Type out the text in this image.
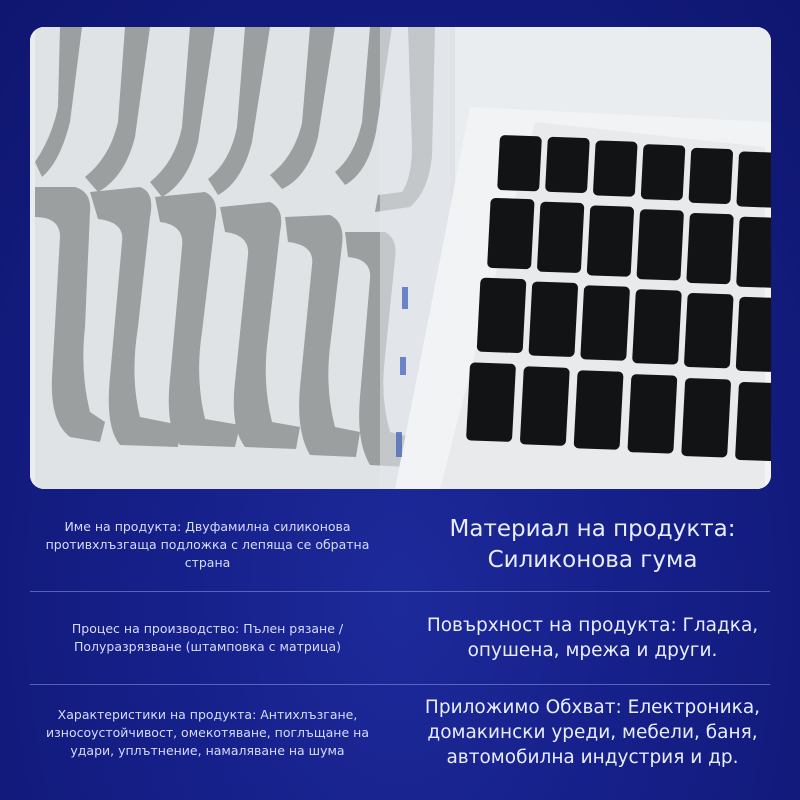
Име на продукта: Двуфамилна силиконова противхлъзгаща подложка с лепяща се обратна страна
Материал на продукта: Силиконова гума
Процес на производство: Пълен рязане / Полуразрязване (штамповка с матрица)
Повърхност на продукта: Гладка, опушена, мрежа и други.
Характеристики на продукта: Антихлъзгане, износоустойчивост, омекотяване, поглъщане на удари, уплътнение, намаляване на шума
Приложимо Обхват: Електроника, домакински уреди, мебели, баня, автомобилна индустрия и др.
